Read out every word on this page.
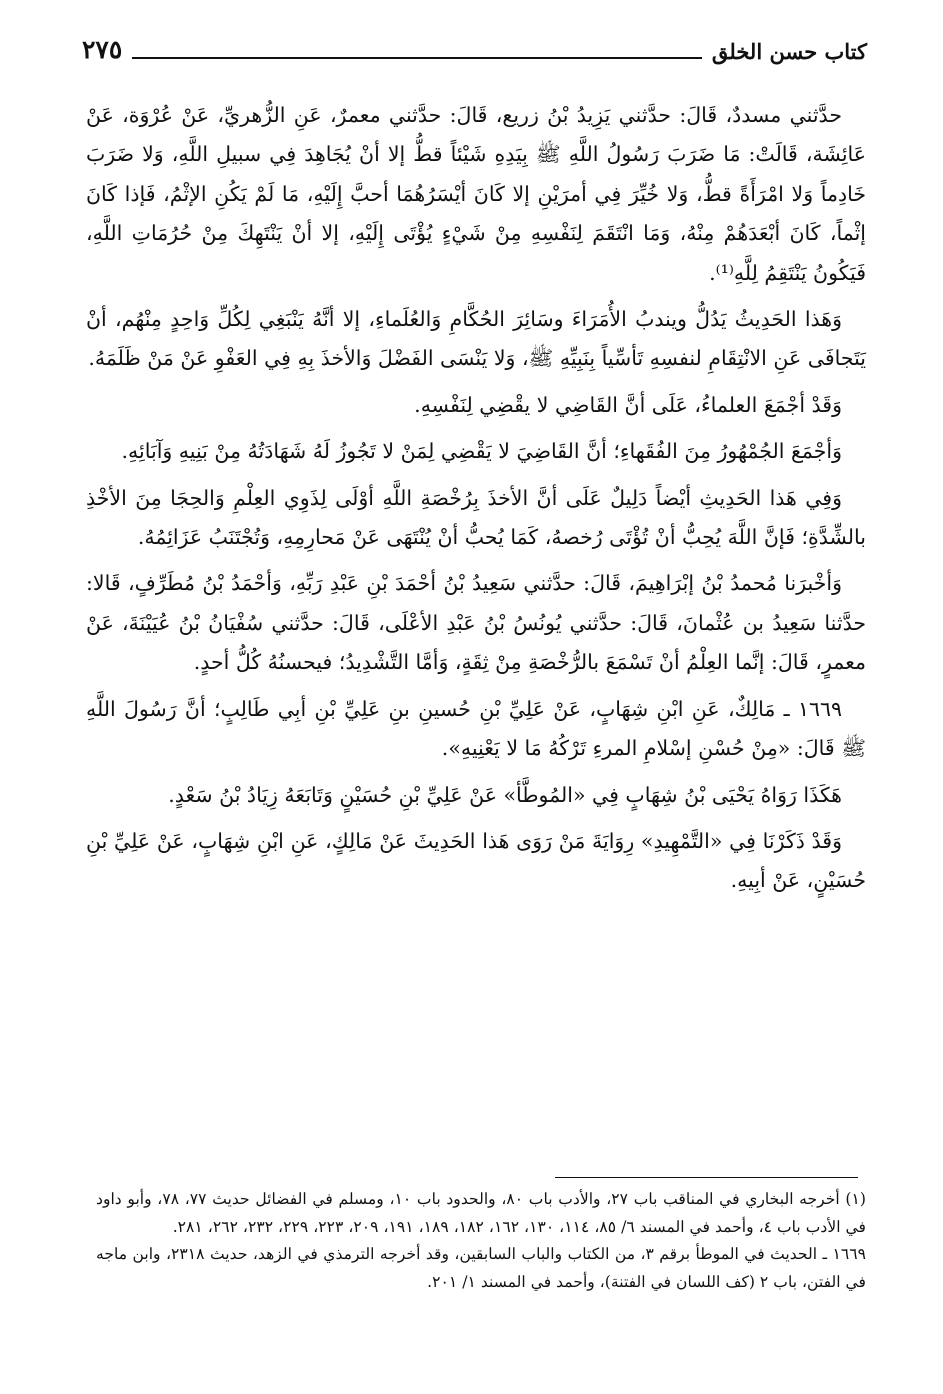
كتاب حسن الخلق
٢٧٥

حدَّثني مسددٌ، قَالَ: حدَّثني يَزِيدُ بْنُ زريع، قَالَ: حدَّثني معمرٌ، عَنِ الزُّهريِّ، عَنْ عُرْوَة، عَنْ عَائِشَة، قَالَتْ: مَا ضَرَبَ رَسُولُ اللَّهِ ﷺ بِيَدِهِ شَيْئاً قطُّ إلا أنْ يُجَاهِدَ فِي سبيلِ اللَّهِ، وَلا ضَرَبَ خَادِماً وَلا امْرَأَةً قطُّ، وَلا خُيِّرَ فِي أمرَيْنِ إلا كَانَ أيْسَرُهُمَا أحبَّ إِلَيْهِ، مَا لَمْ يَكُنِ الإثْمُ، فَإذا كَانَ إثْماً، كَانَ أبْعَدَهُمْ مِنْهُ، وَمَا انْتَقَمَ لِنَفْسِهِ مِنْ شَيْءٍ يُؤْتَى إِلَيْهِ، إلا أنْ يَنْتَهِكَ مِنْ حُرُمَاتِ اللَّهِ، فَيَكُونُ يَنْتَقِمُ لِلَّهِ⁽¹⁾.

وَهَذا الحَدِيثُ يَدُلُّ ويندبُ الأُمَرَاءَ وسَائِرَ الحُكَّامِ وَالعُلَماءِ، إلا أنَّهُ يَنْبَغِي لِكُلِّ وَاحِدٍ مِنْهُم، أنْ يَتَجافَى عَنِ الانْتِقَامِ لنفسِهِ تَأسِّياً بِنَبِيِّهِ ﷺ، وَلا يَنْسَى الفَضْلَ وَالأخذَ بِهِ فِي العَفْوِ عَنْ مَنْ ظَلَمَهُ.

وَقَدْ أجْمَعَ العلماءُ، عَلَى أنَّ القَاضِي لا يقْضِي لِنَفْسِهِ.

وَأجْمَعَ الجُمْهُورُ مِنَ الفُقَهاءِ؛ أنَّ القَاضِيَ لا يَقْضِي لِمَنْ لا تَجُوزُ لَهُ شَهَادَتُهُ مِنْ بَنِيهِ وَآبَائِهِ.

وَفِي هَذا الحَدِيثِ أيْضاً دَلِيلٌ عَلَى أنَّ الأخذَ بِرُخْصَةِ اللَّهِ أوْلَى لِذَوِي العِلْمِ وَالحِجَا مِنَ الأخْذِ بالشِّدَّةِ؛ فَإنَّ اللَّهَ يُحِبُّ أنْ تُؤْتَى رُخصهُ، كَمَا يُحبُّ أنْ يُنْتَهَى عَنْ مَحارِمِهِ، وَتُجْتَنَبُ عَزَائِمُهُ.

وَأخْبرَنا مُحمدُ بْنُ إبْرَاهِيمَ، قَالَ: حدَّثني سَعِيدُ بْنُ أحْمَدَ بْنِ عَبْدِ رَبِّهِ، وَأحْمَدُ بْنُ مُطَرِّفٍ، قَالا: حدَّثنا سَعِيدُ بن عُثْمانَ، قَالَ: حدَّثني يُونُسُ بْنُ عَبْدِ الأعْلَى، قَالَ: حدَّثني سُفْيَانُ بْنُ عُيَيْنَةَ، عَنْ معمرٍ، قَالَ: إنَّما العِلْمُ أنْ تَسْمَعَ بالرُّخْصَةِ مِنْ ثِقَةٍ، وَأمَّا التَّشْدِيدُ؛ فيحسنُهُ كُلُّ أحدٍ.

١٦٦٩ ـ مَالِكٌ، عَنِ ابْنِ شِهَابٍ، عَنْ عَلِيِّ بْنِ حُسينِ بنِ عَلِيِّ بْنِ أبِي طَالِبٍ؛ أنَّ رَسُولَ اللَّهِ ﷺ قَالَ: «مِنْ حُسْنِ إسْلامِ المرءِ تَرْكُهُ مَا لا يَعْنِيهِ».

هَكَذَا رَوَاهُ يَحْيَى بْنُ شِهَابٍ فِي «المُوطَّأ» عَنْ عَلِيِّ بْنِ حُسَيْنٍ وَتَابَعَهُ زِيَادُ بْنُ سَعْدٍ.

وَقَدْ ذَكَرْنَا فِي «التَّمْهِيدِ» رِوَايَةَ مَنْ رَوَى هَذا الحَدِيثَ عَنْ مَالِكٍ، عَنِ ابْنِ شِهَابٍ، عَنْ عَلِيِّ بْنِ حُسَيْنٍ، عَنْ أبِيهِ.

(١) أخرجه البخاري في المناقب باب ٢٧، والأدب باب ٨٠، والحدود باب ١٠، ومسلم في الفضائل حديث ٧٧، ٧٨، وأبو داود في الأدب باب ٤، وأحمد في المسند ٦/ ٨٥، ١١٤، ١٣٠، ١٦٢، ١٨٢، ١٨٩، ١٩١، ٢٠٩، ٢٢٣، ٢٢٩، ٢٣٢، ٢٦٢، ٢٨١.

١٦٦٩ ـ الحديث في الموطأ برقم ٣، من الكتاب والباب السابقين، وقد أخرجه الترمذي في الزهد، حديث ٢٣١٨، وابن ماجه في الفتن، باب ٢ (كف اللسان في الفتنة)، وأحمد في المسند ١/ ٢٠١.
